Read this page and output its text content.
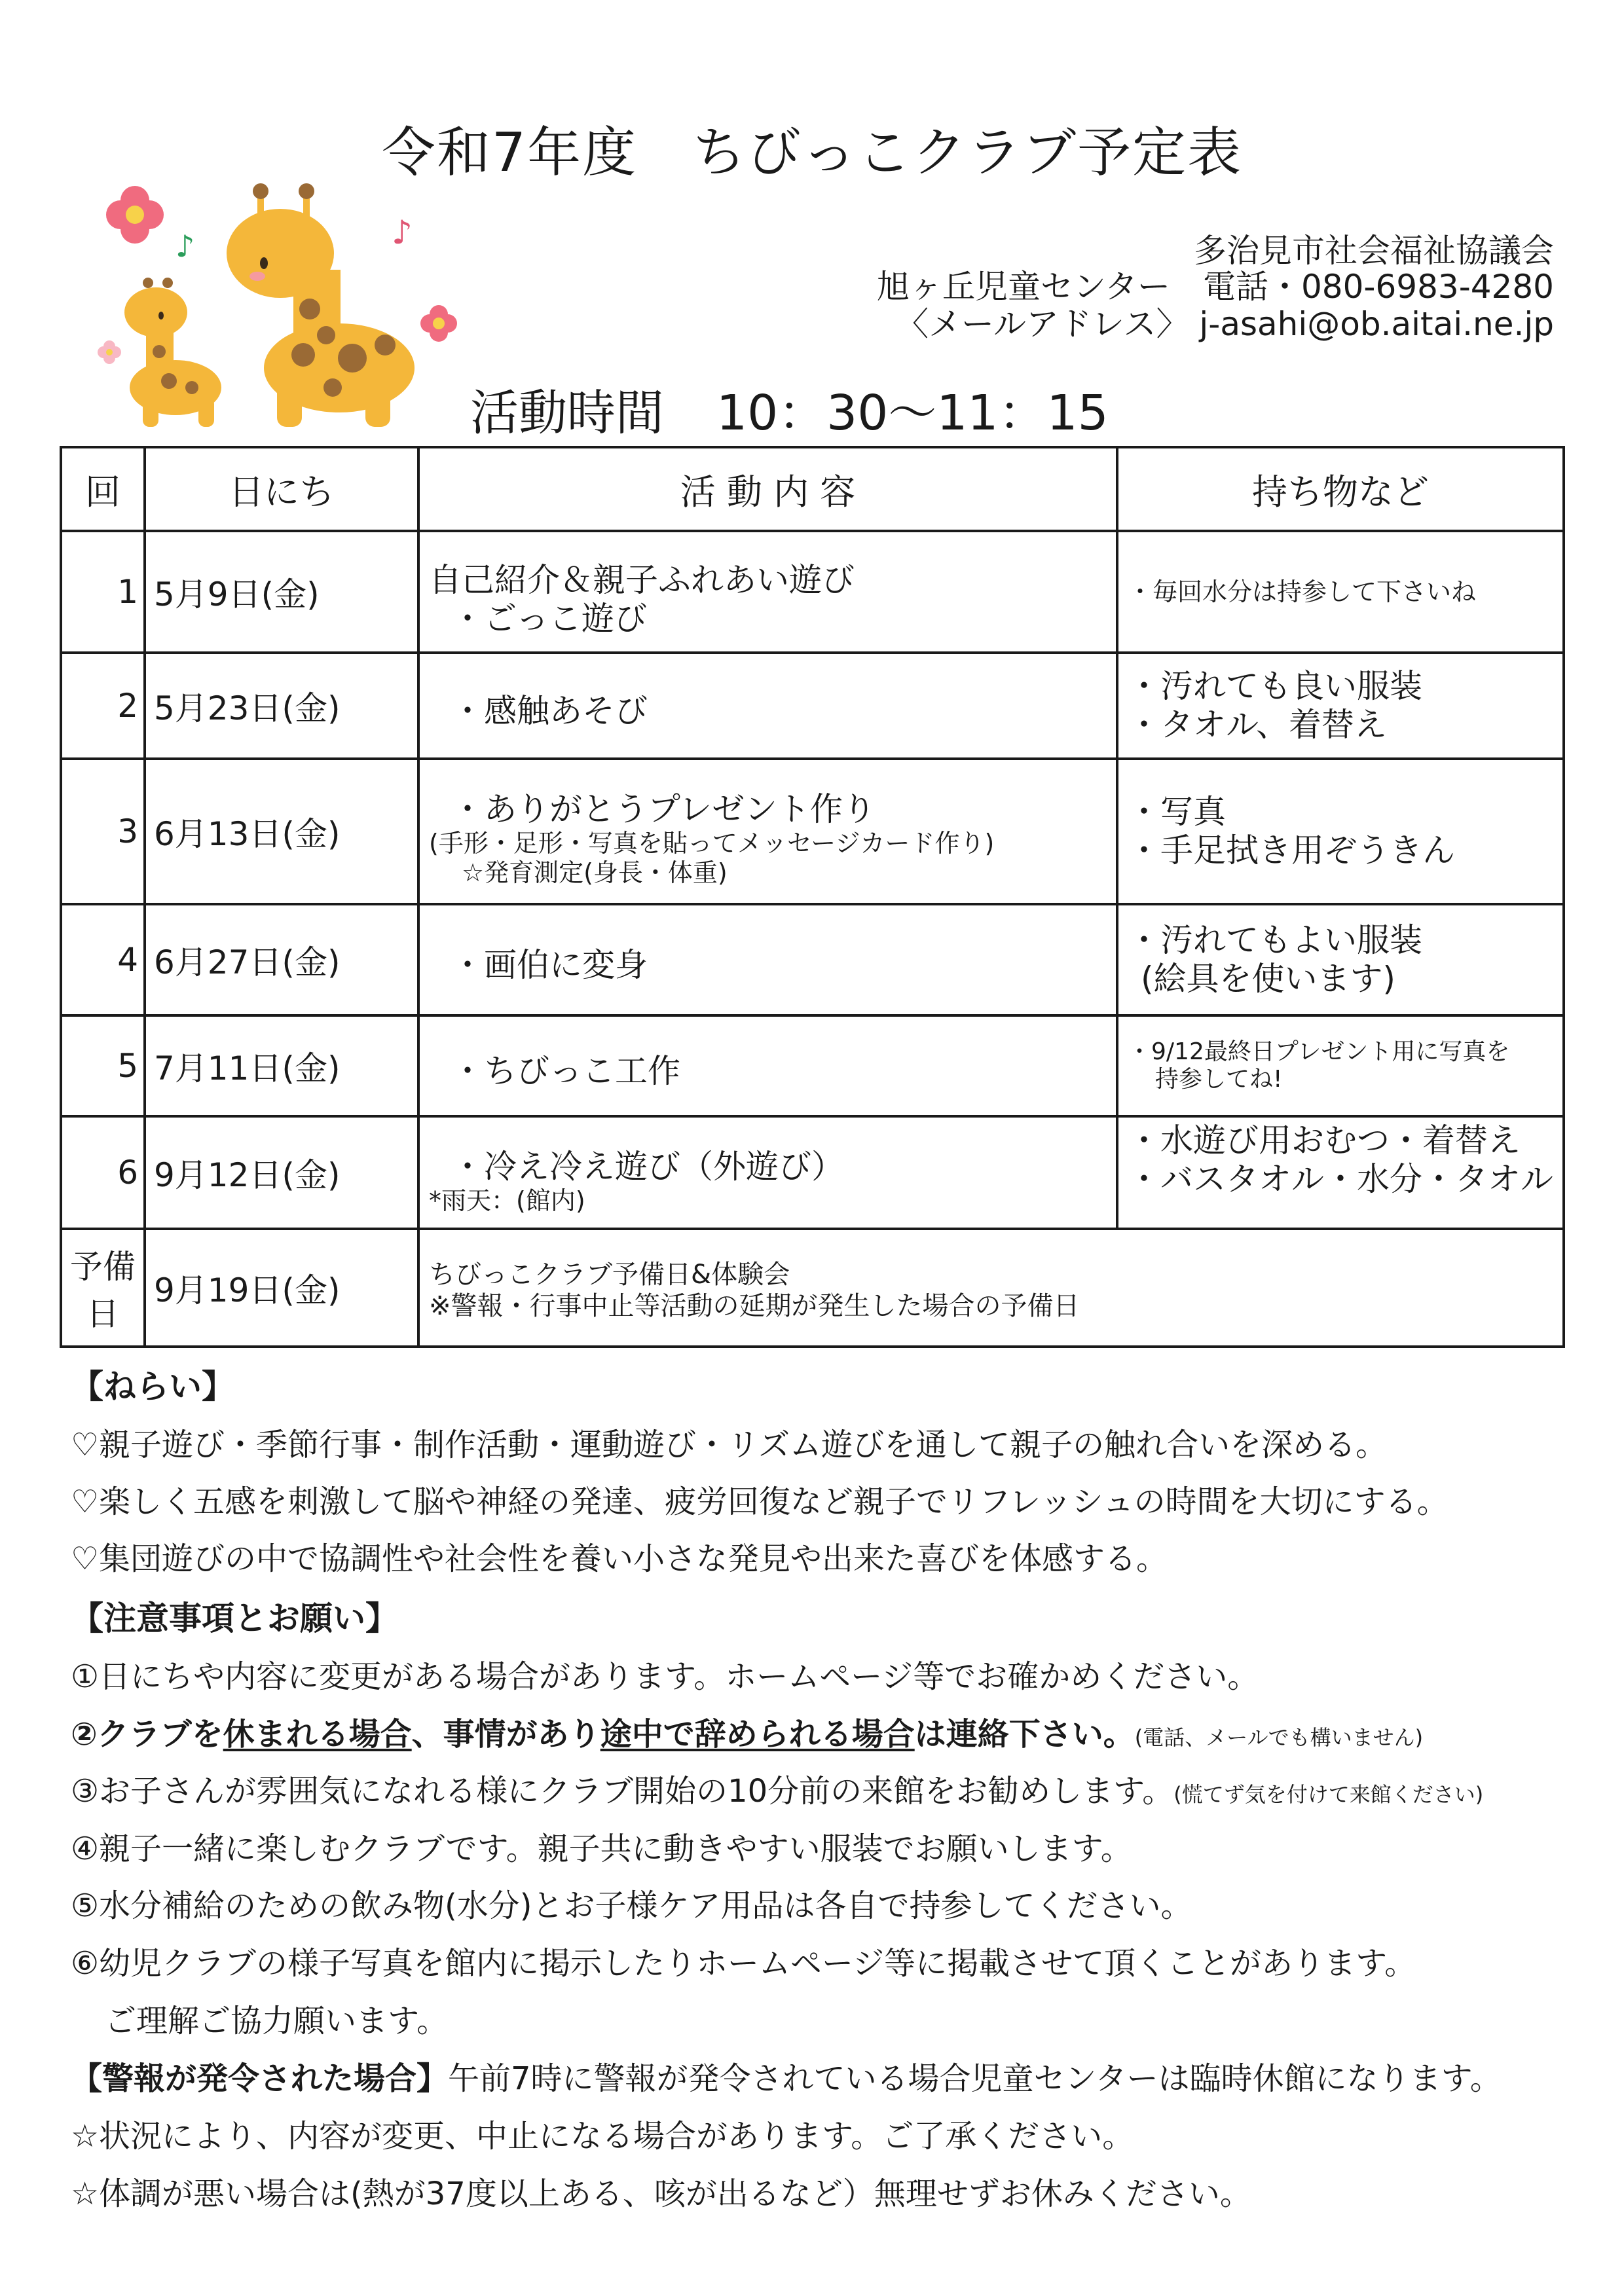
令和7年度　ちびっこクラブ予定表
♪	♪	多治見市社会福祉協議会
旭ヶ丘児童センター　電話・080-6983-4280
〈メールアドレス〉 j-asahi@ob.aitai.ne.jp
活動時間 10：30～11：15
回	日にち	活 動 内 容	持ち物など
1	5月9日(金)	自己紹介＆親子ふれあい遊び
・ごっこ遊び	・毎回水分は持参して下さいね

2	5月23日(金)	・感触あそび	・汚れても良い服装
・タオル、着替え

3	6月13日(金)	・ありがとうプレゼント作り
(手形・足形・写真を貼ってメッセージカード作り)
☆発育測定(身長・体重)	・写真
・手足拭き用ぞうきん

4	6月27日(金)	・画伯に変身	・汚れてもよい服装
(絵具を使います)

5	7月11日(金)	・ちびっこ工作	・9/12最終日プレゼント用に写真を
持参してね!

6	9月12日(金)	・冷え冷え遊び（外遊び）
*雨天：(館内)	・水遊び用おむつ・着替え
・バスタオル・水分・タオル

予備日	9月19日(金)	ちびっこクラブ予備日&体験会
※警報・行事中止等活動の延期が発生した場合の予備日	
【ねらい】
♡親子遊び・季節行事・制作活動・運動遊び・リズム遊びを通して親子の触れ合いを深める。
♡楽しく五感を刺激して脳や神経の発達、疲労回復など親子でリフレッシュの時間を大切にする。
♡集団遊びの中で協調性や社会性を養い小さな発見や出来た喜びを体感する。
【注意事項とお願い】
①日にちや内容に変更がある場合があります。ホームページ等でお確かめください。
②クラブを休まれる場合、事情があり途中で辞められる場合は連絡下さい。(電話、メールでも構いません)
③お子さんが雰囲気になれる様にクラブ開始の10分前の来館をお勧めします。(慌てず気を付けて来館ください)
④親子一緒に楽しむクラブです。親子共に動きやすい服装でお願いします。
⑤水分補給のための飲み物(水分)とお子様ケア用品は各自で持参してください。
⑥幼児クラブの様子写真を館内に掲示したりホームページ等に掲載させて頂くことがあります。
ご理解ご協力願います。
【警報が発令された場合】午前7時に警報が発令されている場合児童センターは臨時休館になります。
☆状況により、内容が変更、中止になる場合があります。ご了承ください。
☆体調が悪い場合は(熱が37度以上ある、咳が出るなど）無理せずお休みください。
